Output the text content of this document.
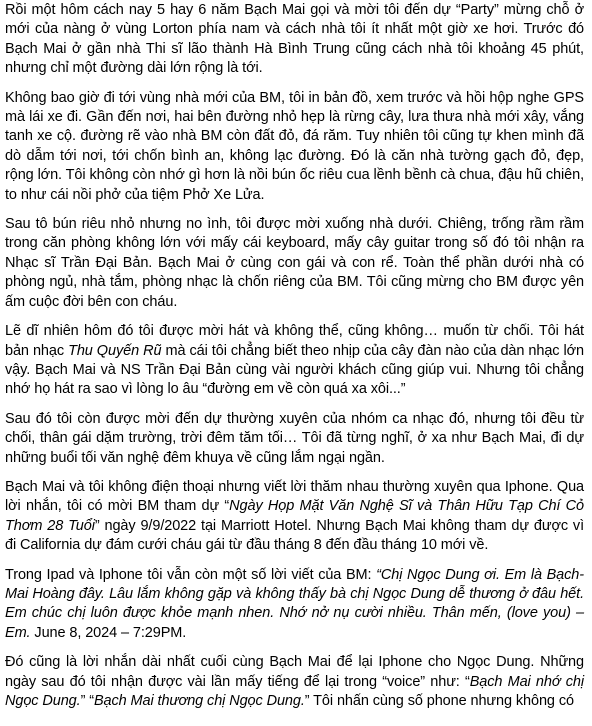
Rồi một hôm cách nay 5 hay 6 năm Bạch Mai gọi và mời tôi đến dự “Party” mừng chỗ ở mới của nàng ở vùng Lorton phía nam và cách nhà tôi ít nhất một giờ xe hơi. Trước đó Bạch Mai ở gần nhà Thi sĩ lão thành Hà Bình Trung cũng cách nhà tôi khoảng 45 phút, nhưng chỉ một đường dài lớn rộng là tới.

Không bao giờ đi tới vùng nhà mới của BM, tôi in bản đồ, xem trước và hồi hộp nghe GPS mà lái xe đi. Gần đến nơi, hai bên đường nhỏ hẹp là rừng cây, lưa thưa nhà mới xây, vắng tanh xe cộ. đường rẽ vào nhà BM còn đất đỏ, đá răm. Tuy nhiên tôi cũng tự khen mình đã dò dẫm tới nơi, tới chốn bình an, không lạc đường. Đó là căn nhà tường gạch đỏ, đẹp, rộng lớn. Tôi không còn nhớ gì hơn là nồi bún ốc riêu cua lềnh bềnh cà chua, đậu hũ chiên, to như cái nồi phở của tiệm Phở Xe Lửa.

Sau tô bún riêu nhỏ nhưng no ình, tôi được mời xuống nhà dưới. Chiêng, trống rầm rầm trong căn phòng không lớn với mấy cái keyboard, mấy cây guitar trong số đó tôi nhận ra Nhạc sĩ Trần Đại Bản. Bạch Mai ở cùng con gái và con rể. Toàn thể phần dưới nhà có phòng ngủ, nhà tắm, phòng nhạc là chốn riêng của BM. Tôi cũng mừng cho BM được yên ấm cuộc đời bên con cháu.

Lẽ dĩ nhiên hôm đó tôi được mời hát và không thể, cũng không… muốn từ chối. Tôi hát bản nhạc Thu Quyến Rũ mà cái tôi chẳng biết theo nhịp của cây đàn nào của dàn nhạc lớn vậy. Bạch Mai và NS Trần Đại Bản cùng vài người khách cũng giúp vui. Nhưng tôi chẳng nhớ họ hát ra sao vì lòng lo âu “đường em về còn quá xa xôi...”

Sau đó tôi còn được mời đến dự thường xuyên của nhóm ca nhạc đó, nhưng tôi đều từ chối, thân gái dặm trường, trời đêm tăm tối… Tôi đã từng nghĩ, ở xa như Bạch Mai, đi dự những buổi tối văn nghệ đêm khuya về cũng lắm ngại ngần.

Bạch Mai và tôi không điện thoại nhưng viết lời thăm nhau thường xuyên qua Iphone. Qua lời nhắn, tôi có mời BM tham dự “Ngày Họp Mặt Văn Nghệ Sĩ và Thân Hữu Tạp Chí Cỏ Thơm 28 Tuổi” ngày 9/9/2022 tại Marriott Hotel. Nhưng Bạch Mai không tham dự được vì đi California dự đám cưới cháu gái từ đầu tháng 8 đến đầu tháng 10 mới về.

Trong Ipad và Iphone tôi vẫn còn một số lời viết của BM: “Chị Ngọc Dung ơi. Em là Bạch-Mai Hoàng đây. Lâu lắm không gặp và không thấy bà chị Ngọc Dung dễ thương ở đâu hết. Em chúc chị luôn được khỏe mạnh nhen. Nhớ nở nụ cười nhiều. Thân mến, (love you) – Em. June 8, 2024 – 7:29PM.

Đó cũng là lời nhắn dài nhất cuối cùng Bạch Mai để lại Iphone cho Ngọc Dung. Những ngày sau đó tôi nhận được vài lần mấy tiếng để lại trong “voice” như: “Bạch Mai nhớ chị Ngọc Dung.” “Bạch Mai thương chị Ngọc Dung.” Tôi nhấn cùng số phone nhưng không có
